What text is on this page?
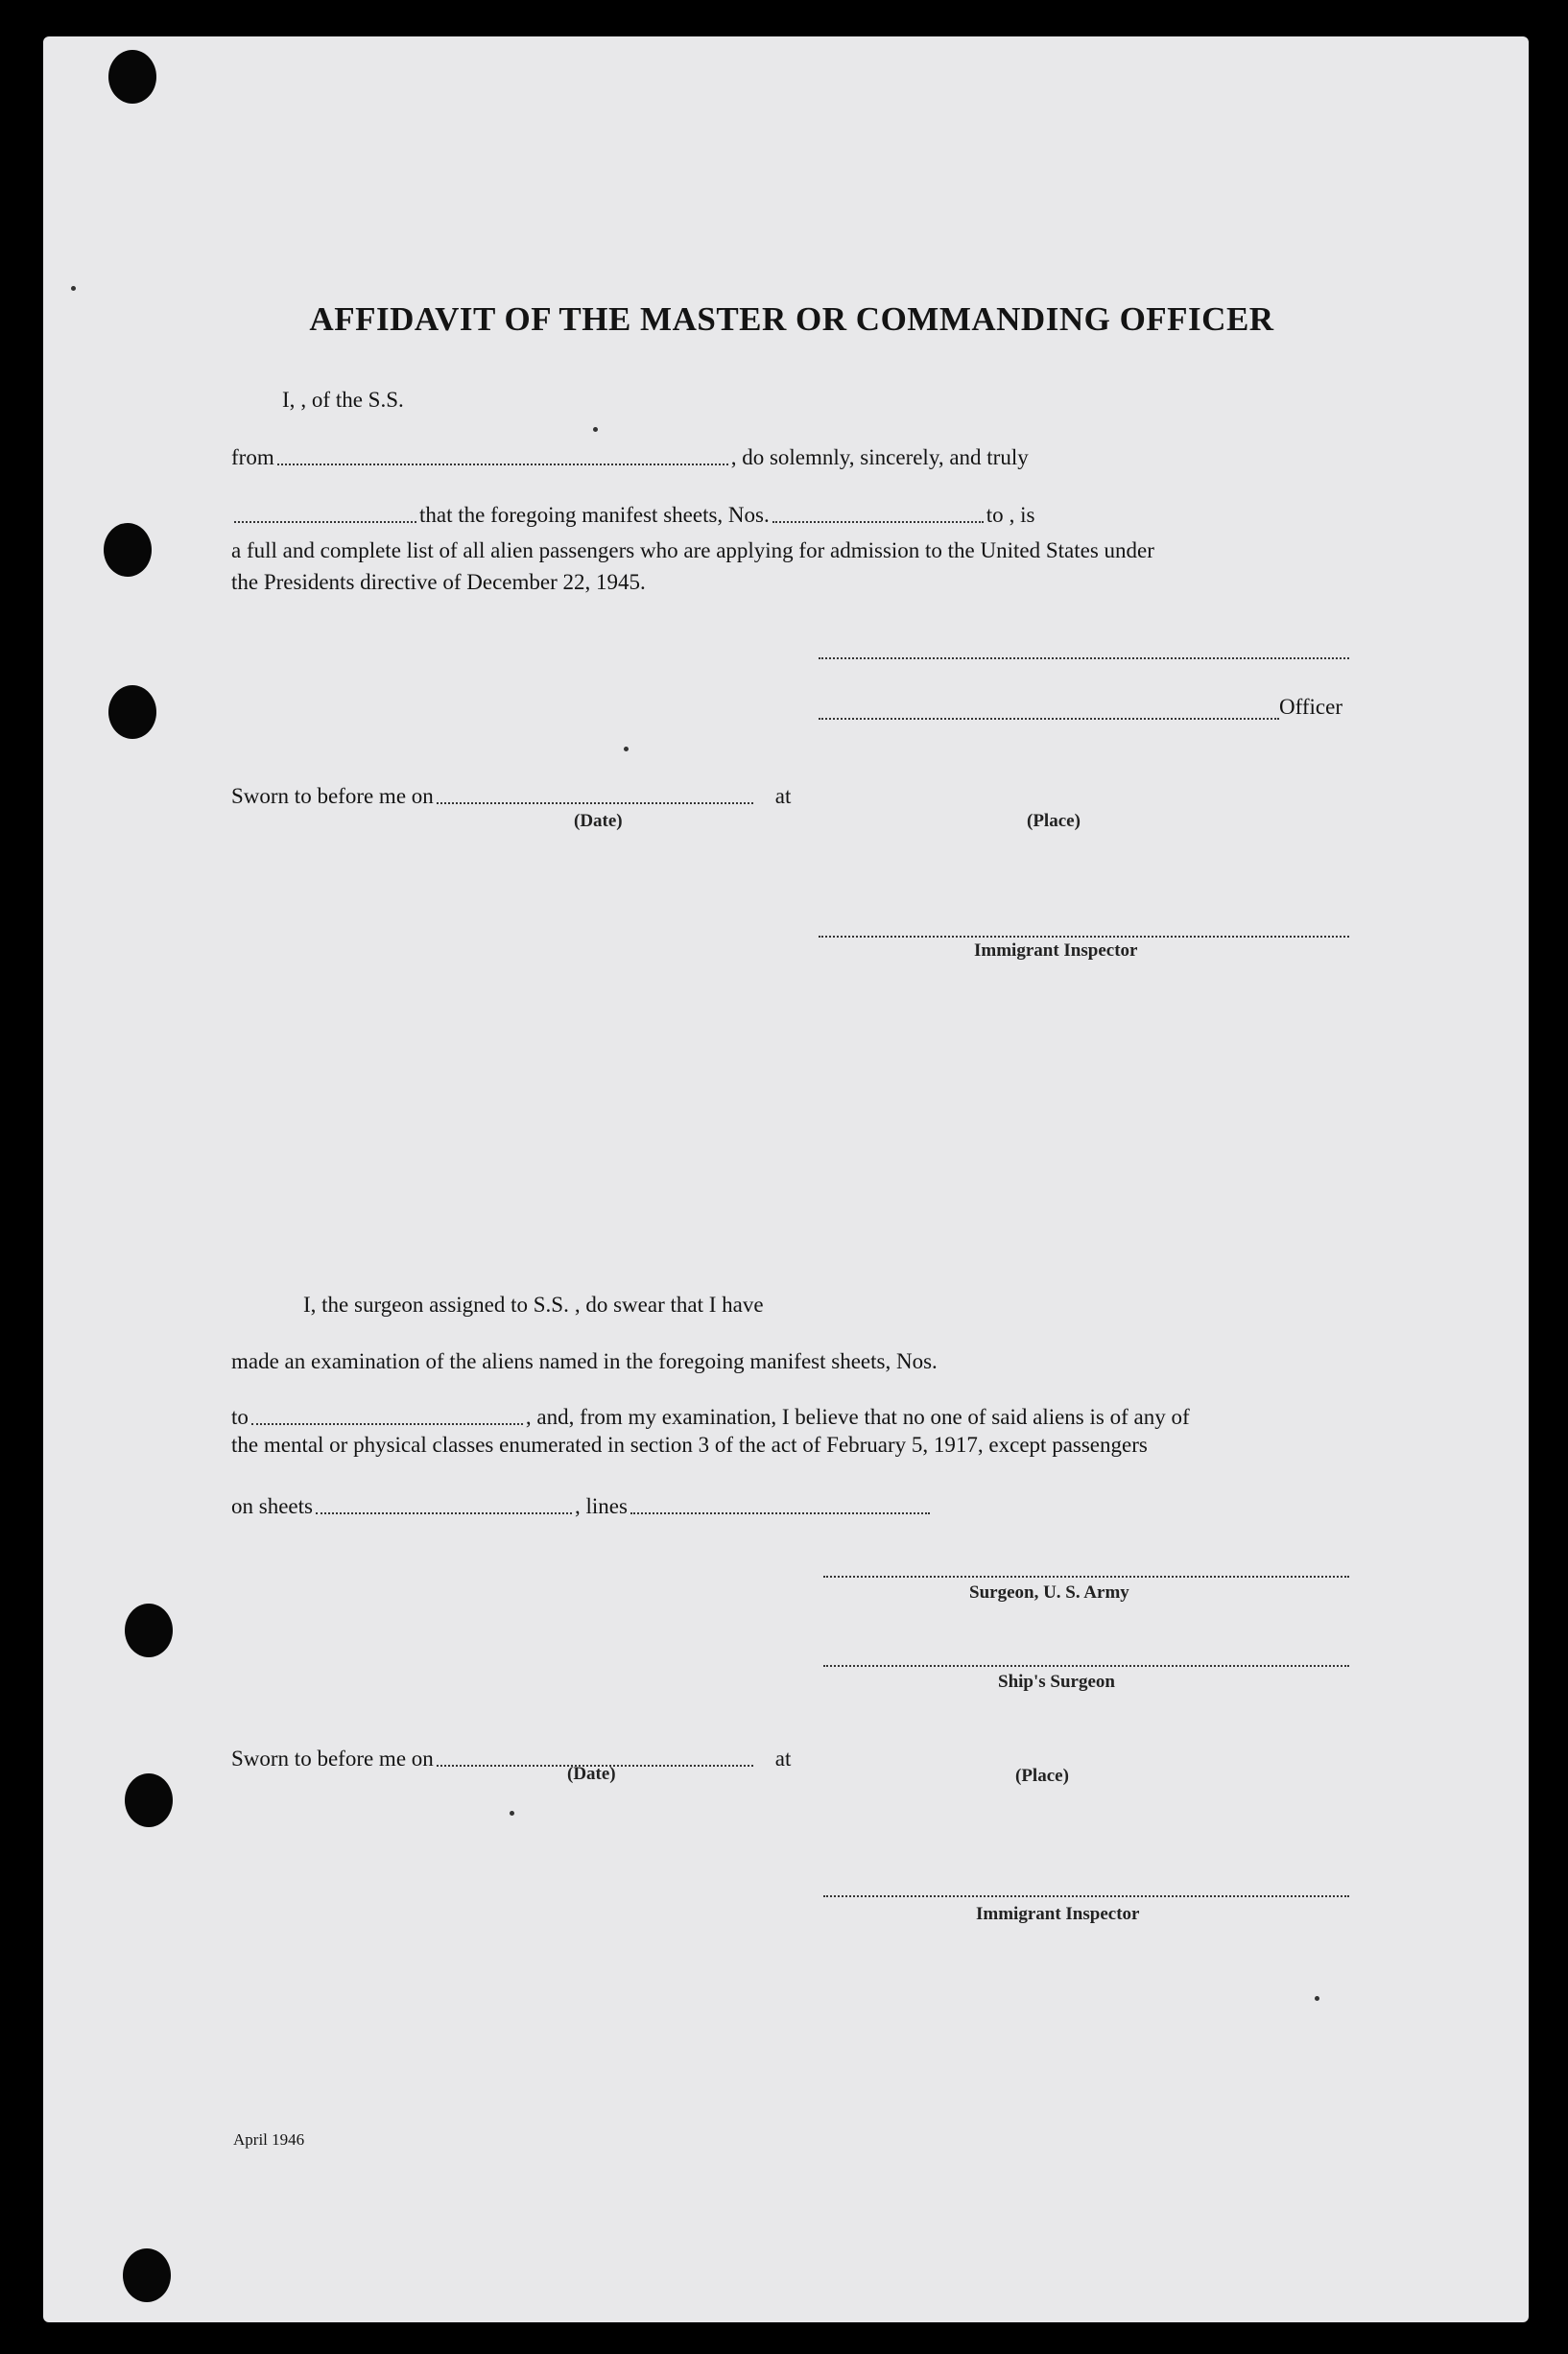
AFFIDAVIT OF THE MASTER OR COMMANDING OFFICER
I, , of the S.S.
from	, do solemnly, sincerely, and truly
that the foregoing manifest sheets, Nos.	to , is
a full and complete list of all alien passengers who are applying for admission to the United States under
the Presidents directive of December 22, 1945.
Officer
Sworn to before me on	at
(Date)	(Place)
Immigrant Inspector
I, the surgeon assigned to S.S. , do swear that I have
made an examination of the aliens named in the foregoing manifest sheets, Nos.
to	, and, from my examination, I believe that no one of said aliens is of any of
the mental or physical classes enumerated in section 3 of the act of February 5, 1917, except passengers
on sheets	, lines
Surgeon, U. S. Army
Ship's Surgeon
Sworn to before me on	at
(Date)	(Place)
Immigrant Inspector
April 1946
